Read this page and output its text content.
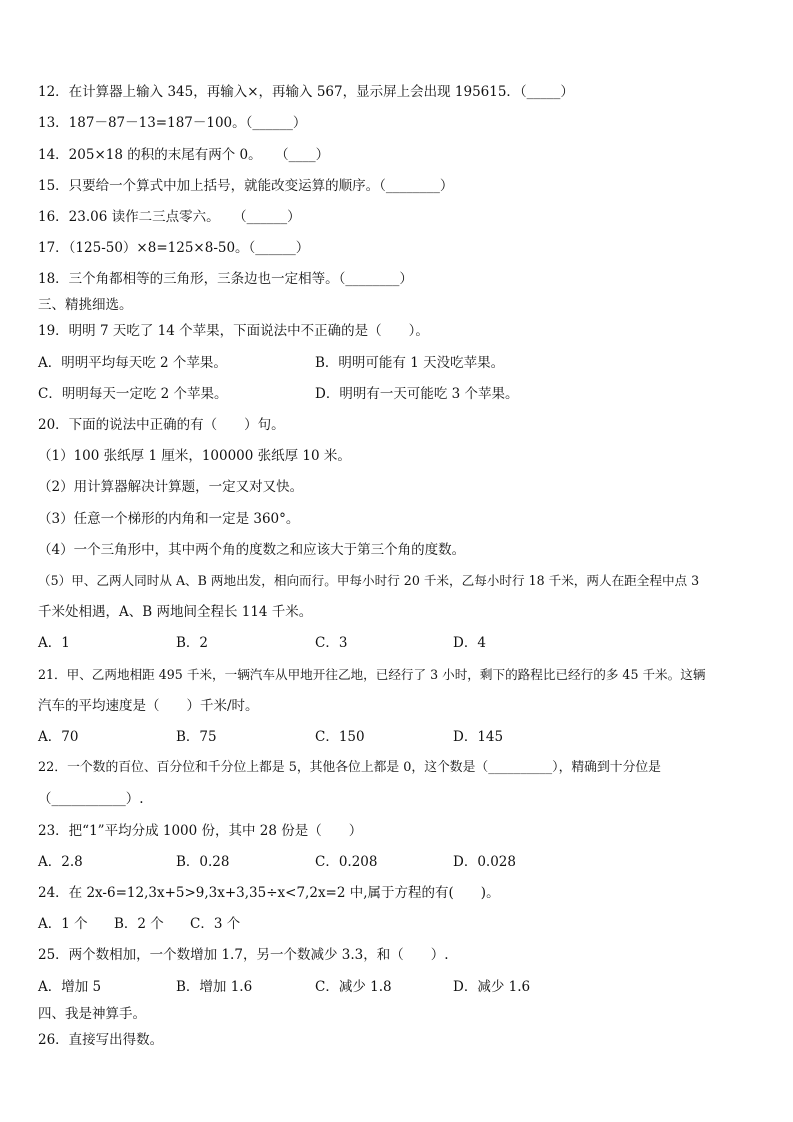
12．在计算器上输入 345，再输入×，再输入 567，显示屏上会出现 195615．（_____）
13．187－87－13=187－100。（______）
14．205×18 的积的末尾有两个 0。　　（____）
15．只要给一个算式中加上括号，就能改变运算的顺序。（________）
16．23.06 读作二三点零六。　　（______）
17．（125-50）×8=125×8-50。（______）
18．三个角都相等的三角形，三条边也一定相等。（________）
三、精挑细选。
19．明明 7 天吃了 14 个苹果，下面说法中不正确的是（　　）。
A．明明平均每天吃 2 个苹果。	B．明明可能有 1 天没吃苹果。
C．明明每天一定吃 2 个苹果。	D．明明有一天可能吃 3 个苹果。
20．下面的说法中正确的有（　　）句。
（1）100 张纸厚 1 厘米，100000 张纸厚 10 米。
（2）用计算器解决计算题，一定又对又快。
（3）任意一个梯形的内角和一定是 360°。
（4）一个三角形中，其中两个角的度数之和应该大于第三个角的度数。
（5）甲、乙两人同时从 A、B 两地出发，相向而行。甲每小时行 20 千米，乙每小时行 18 千米，两人在距全程中点 3
千米处相遇，A、B 两地间全程长 114 千米。
A．1	B．2	C．3	D．4
21．甲、乙两地相距 495 千米，一辆汽车从甲地开往乙地，已经行了 3 小时，剩下的路程比已经行的多 45 千米。这辆
汽车的平均速度是（　　）千米/时。
A．70	B．75	C．150	D．145
22．一个数的百位、百分位和千分位上都是 5，其他各位上都是 0，这个数是（__________），精确到十分位是
（___________）.
23．把“1”平均分成 1000 份，其中 28 份是（　　）
A．2.8	B．0.28	C．0.208	D．0.028
24．在 2x-6=12,3x+5>9,3x+3,35÷x<7,2x=2 中,属于方程的有(　　)。
A．1 个 B．2 个 C．3 个
25．两个数相加，一个数增加 1.7，另一个数减少 3.3，和（　　）.
A．增加 5	B．增加 1.6	C．减少 1.8	D．减少 1.6
四、我是神算手。
26．直接写出得数。
